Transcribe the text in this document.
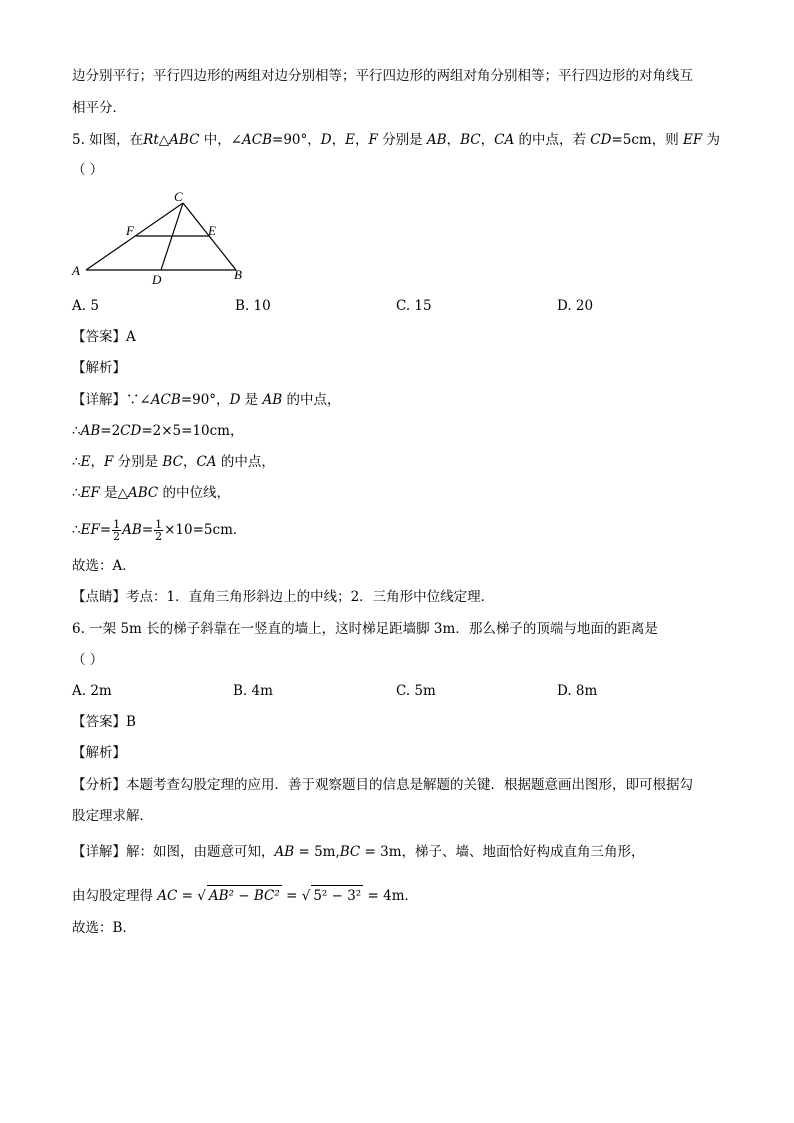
边分别平行；平行四边形的两组对边分别相等；平行四边形的两组对角分别相等；平行四边形的对角线互

相平分．

5. 如图，在Rt△ABC 中，∠ACB=90°，D，E，F 分别是 AB，BC，CA 的中点，若 CD=5cm，则 EF 为

（ ）

C
F	E
A	B
D
A. 5	B. 10	C. 15	D. 20

【答案】A

【解析】

【详解】∵∠ACB=90°，D 是 AB 的中点，

∴AB=2CD=2×5=10cm，

∴E，F 分别是 BC，CA 的中点，

∴EF 是△ABC 的中位线，

∴EF= $\frac{1}{2} AB= \frac{1}{2} \times 10=5cm$．

故选：A．

【点睛】考点：1．直角三角形斜边上的中线；2．三角形中位线定理．

6. 一架 5m 长的梯子斜靠在一竖直的墙上，这时梯足距墙脚 3m．那么梯子的顶端与地面的距离是

（ ）

A. 2m	B. 4m	C. 5m	D. 8m

【答案】B

【解析】

【分析】本题考查勾股定理的应用．善于观察题目的信息是解题的关键．根据题意画出图形，即可根据勾

股定理求解．

【详解】解：如图，由题意可知，AB = 5m,BC = 3m，梯子、墙、地面恰好构成直角三角形，

由勾股定理得 AC = √ AB² − BC² = √ 5² − 3² = 4m．

故选：B．
